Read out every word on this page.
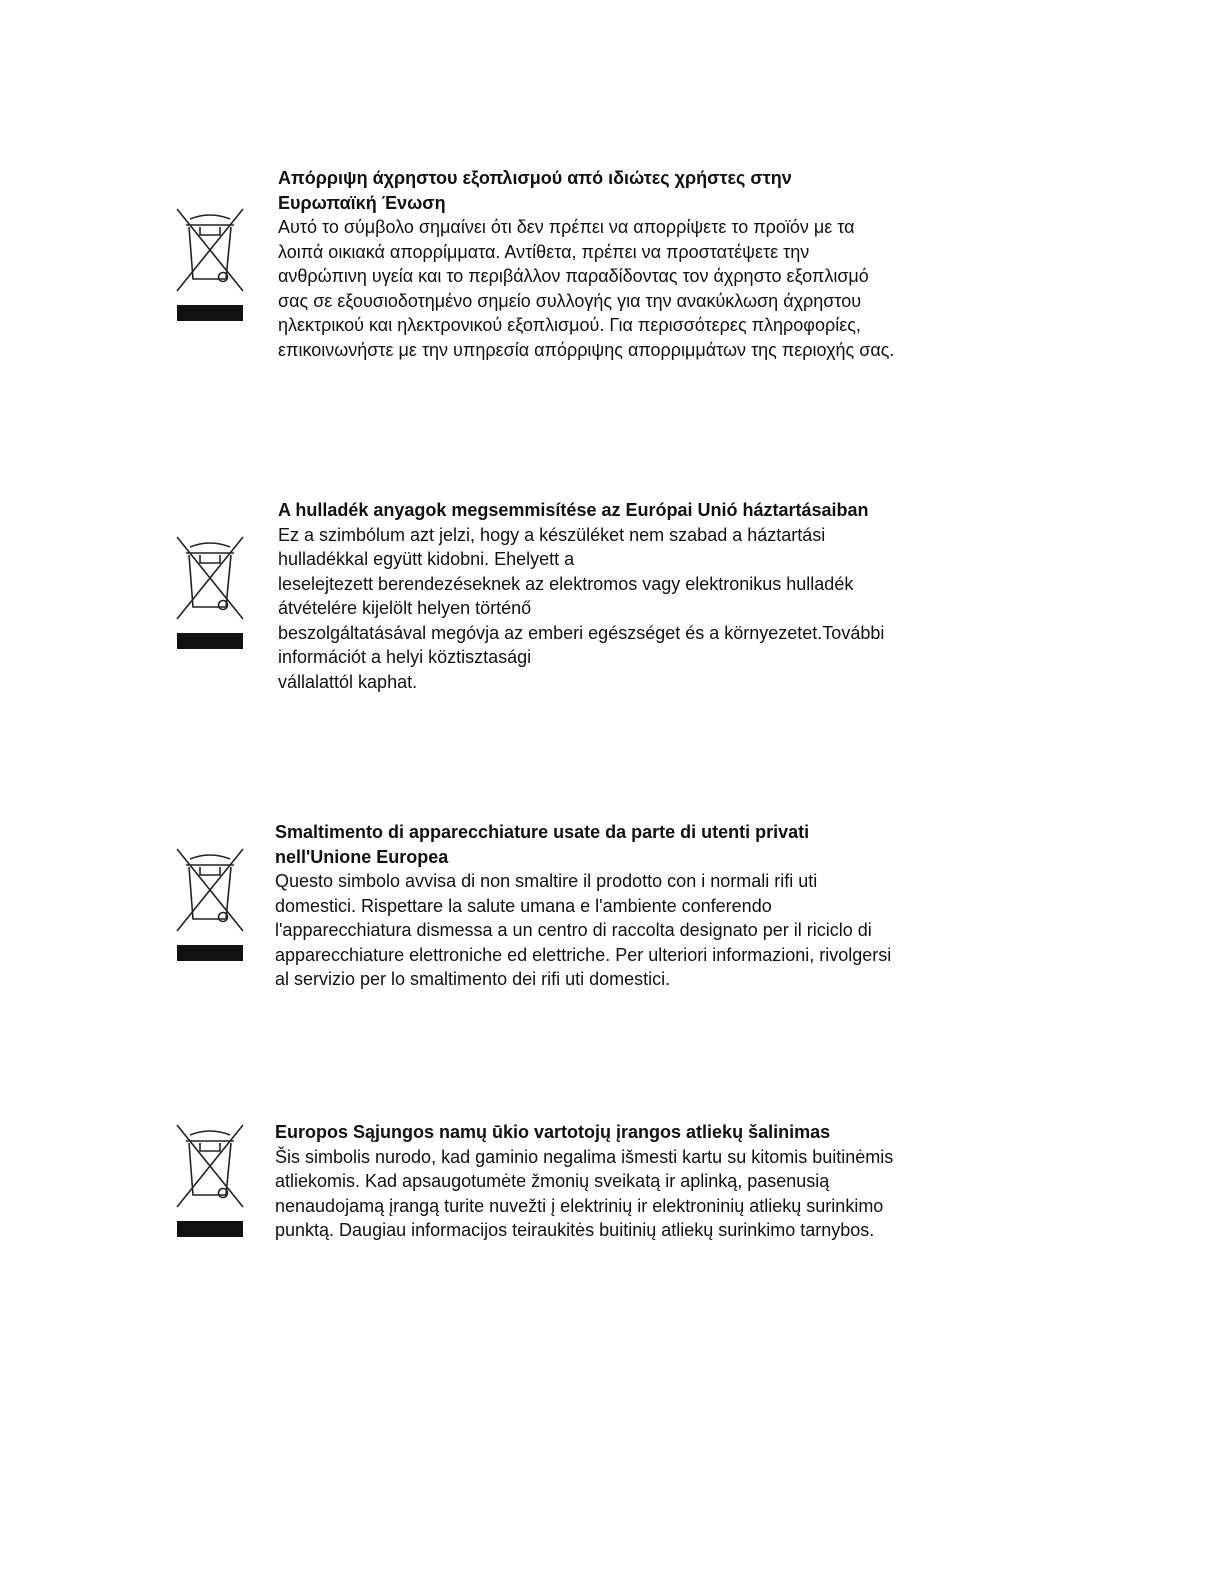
Απόρριψη άχρηστου εξοπλισμού από ιδιώτες χρήστες στην
Ευρωπαϊκή Ένωση
Αυτό το σύμβολο σημαίνει ότι δεν πρέπει να απορρίψετε το προϊόν με τα
λοιπά οικιακά απορρίμματα. Αντίθετα, πρέπει να προστατέψετε την
ανθρώπινη υγεία και το περιβάλλον παραδίδοντας τον άχρηστο εξοπλισμό
σας σε εξουσιοδοτημένο σημείο συλλογής για την ανακύκλωση άχρηστου
ηλεκτρικού και ηλεκτρονικού εξοπλισμού. Για περισσότερες πληροφορίες,
επικοινωνήστε με την υπηρεσία απόρριψης απορριμμάτων της περιοχής σας.
A hulladék anyagok megsemmisítése az Európai Unió háztartásaiban
Ez a szimbólum azt jelzi, hogy a készüléket nem szabad a háztartási
hulladékkal együtt kidobni. Ehelyett a
leselejtezett berendezéseknek az elektromos vagy elektronikus hulladék
átvételére kijelölt helyen történő
beszolgáltatásával megóvja az emberi egészséget és a környezetet.További
információt a helyi köztisztasági
vállalattól kaphat.
Smaltimento di apparecchiature usate da parte di utenti privati
nell'Unione Europea
Questo simbolo avvisa di non smaltire il prodotto con i normali rifi uti
domestici. Rispettare la salute umana e l'ambiente conferendo
l'apparecchiatura dismessa a un centro di raccolta designato per il riciclo di
apparecchiature elettroniche ed elettriche. Per ulteriori informazioni, rivolgersi
al servizio per lo smaltimento dei rifi uti domestici.
Europos Sąjungos namų ūkio vartotojų įrangos atliekų šalinimas
Šis simbolis nurodo, kad gaminio negalima išmesti kartu su kitomis buitinėmis
atliekomis. Kad apsaugotumėte žmonių sveikatą ir aplinką, pasenusią
nenaudojamą įrangą turite nuvežti į elektrinių ir elektroninių atliekų surinkimo
punktą. Daugiau informacijos teiraukitės buitinių atliekų surinkimo tarnybos.
